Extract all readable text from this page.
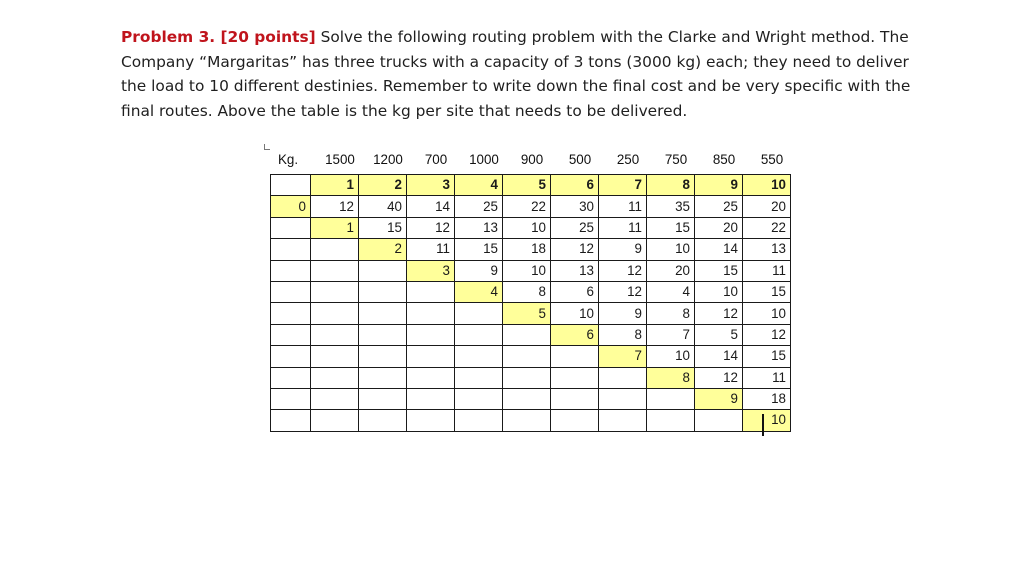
Problem 3. [20 points] Solve the following routing problem with the Clarke and Wright method. The Company “Margaritas” has three trucks with a capacity of 3 tons (3000 kg) each; they need to deliver the load to 10 different destinies. Remember to write down the final cost and be very specific with the final routes. Above the table is the kg per site that needs to be delivered.

Kg. 1500 1200	700	1000	900	500	250	750	850	550
	1	2	3	4	5	6	7	8	9	10
0	12	40	14	25	22	30	11	35	25	20
	1	15	12	13	10	25	11	15	20	22
		2	11	15	18	12	9	10	14	13
			3	9	10	13	12	20	15	11
				4	8	6	12	4	10	15
					5	10	9	8	12	10
						6	8	7	5	12
							7	10	14	15
								8	12	11
									9	18
										10
